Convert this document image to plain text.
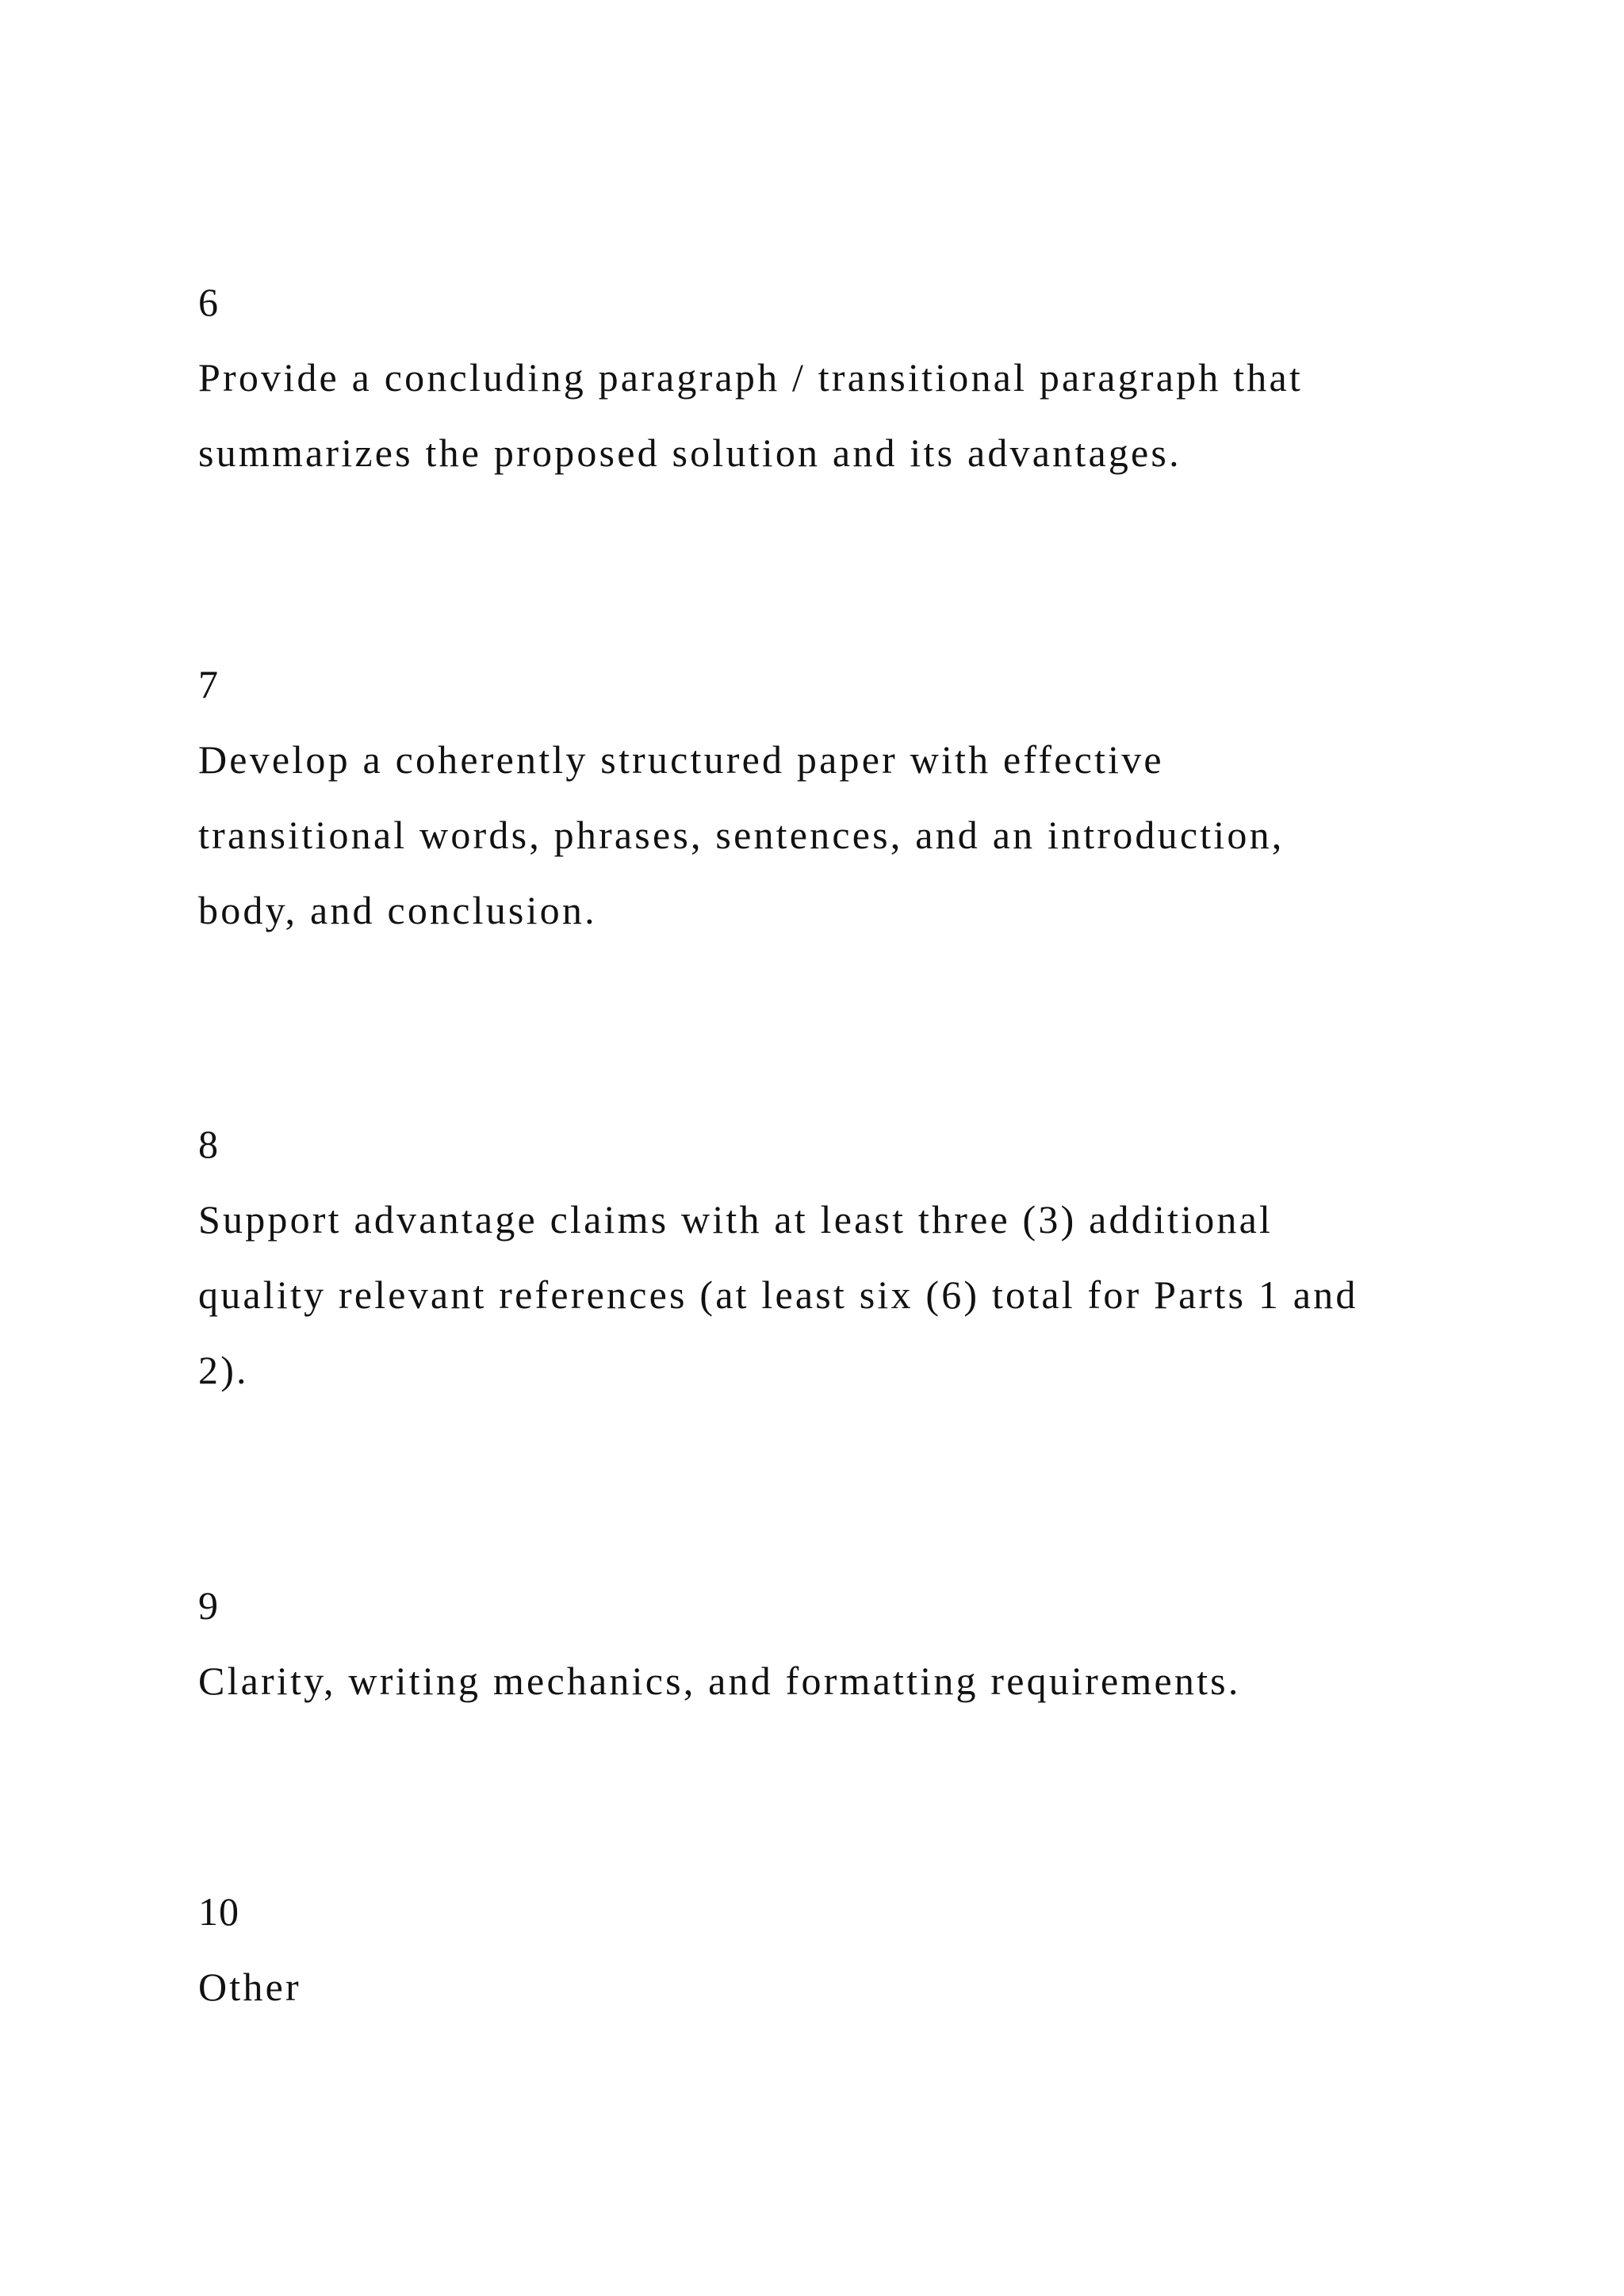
6
Provide a concluding paragraph / transitional paragraph that
summarizes the proposed solution and its advantages.
7
Develop a coherently structured paper with effective
transitional words, phrases, sentences, and an introduction,
body, and conclusion.
8
Support advantage claims with at least three (3) additional
quality relevant references (at least six (6) total for Parts 1 and
2).
9
Clarity, writing mechanics, and formatting requirements.
10
Other
